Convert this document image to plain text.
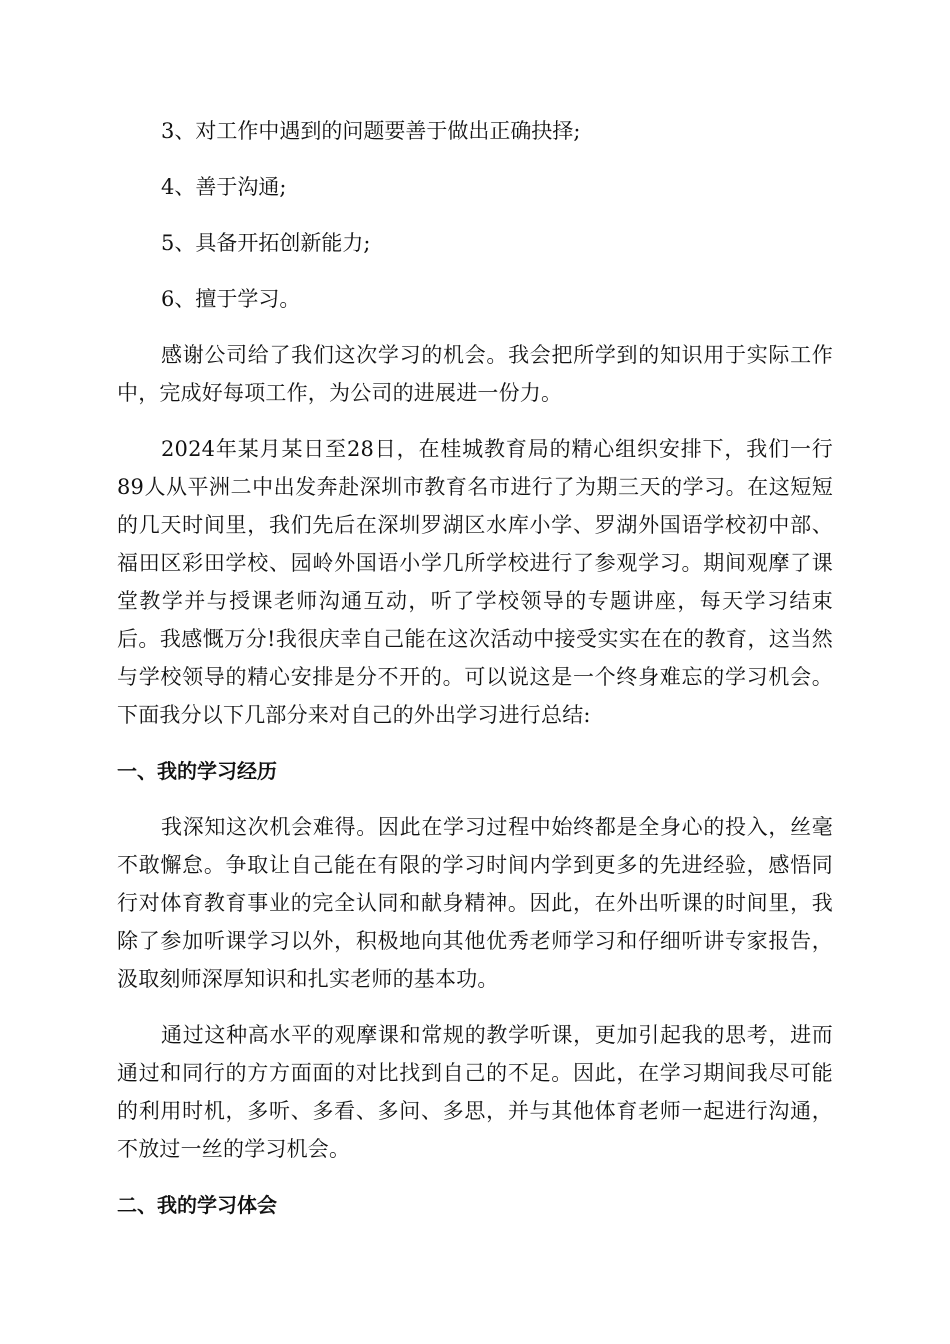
3、对工作中遇到的问题要善于做出正确抉择;
4、善于沟通;
5、具备开拓创新能力;
6、擅于学习。

感谢公司给了我们这次学习的机会。我会把所学到的知识用于实际工作中，完成好每项工作，为公司的进展进一份力。

2024年某月某日至28日，在桂城教育局的精心组织安排下，我们一行89人从平洲二中出发奔赴深圳市教育名市进行了为期三天的学习。在这短短的几天时间里，我们先后在深圳罗湖区水库小学、罗湖外国语学校初中部、福田区彩田学校、园岭外国语小学几所学校进行了参观学习。期间观摩了课堂教学并与授课老师沟通互动，听了学校领导的专题讲座，每天学习结束后。我感慨万分!我很庆幸自己能在这次活动中接受实实在在的教育，这当然与学校领导的精心安排是分不开的。可以说这是一个终身难忘的学习机会。下面我分以下几部分来对自己的外出学习进行总结:

一、我的学习经历

我深知这次机会难得。因此在学习过程中始终都是全身心的投入，丝毫不敢懈怠。争取让自己能在有限的学习时间内学到更多的先进经验，感悟同行对体育教育事业的完全认同和献身精神。因此，在外出听课的时间里，我除了参加听课学习以外，积极地向其他优秀老师学习和仔细听讲专家报告，汲取刻师深厚知识和扎实老师的基本功。

通过这种高水平的观摩课和常规的教学听课，更加引起我的思考，进而通过和同行的方方面面的对比找到自己的不足。因此，在学习期间我尽可能的利用时机，多听、多看、多问、多思，并与其他体育老师一起进行沟通，不放过一丝的学习机会。

二、我的学习体会
